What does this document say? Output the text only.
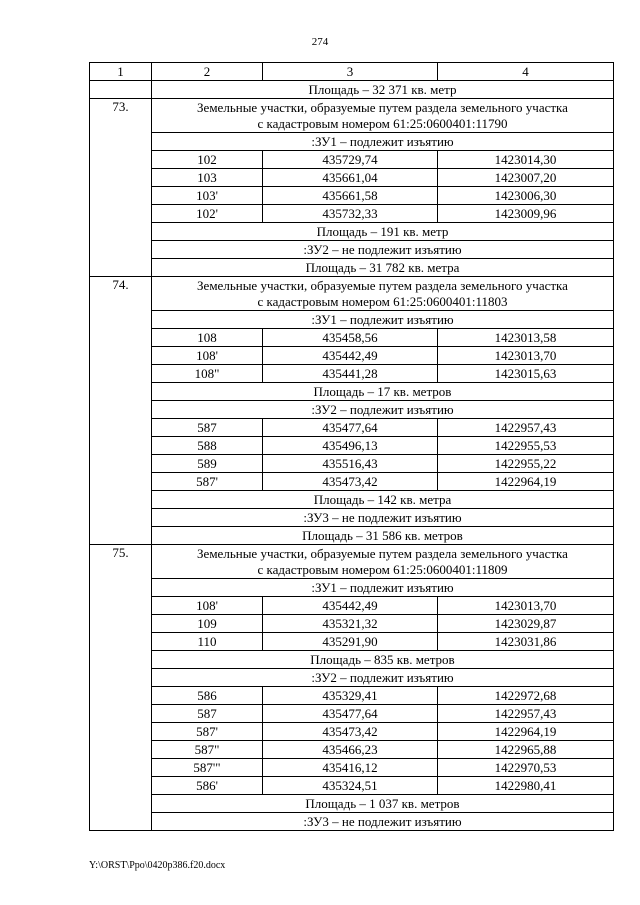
274
1	2	3	4
	Площадь – 32 371 кв. метр		
73.	Земельные участки, образуемые путем раздела земельного участка
с кадастровым номером 61:25:0600401:11790		

	:ЗУ1 – подлежит изъятию		
	102	435729,74	1423014,30
	103	435661,04	1423007,20
	103'	435661,58	1423006,30
	102'	435732,33	1423009,96
	Площадь – 191 кв. метр		
	:ЗУ2 – не подлежит изъятию		
	Площадь – 31 782 кв. метра		
74.	Земельные участки, образуемые путем раздела земельного участка
с кадастровым номером 61:25:0600401:11803		

	:ЗУ1 – подлежит изъятию		
	108	435458,56	1423013,58
	108'	435442,49	1423013,70
	108"	435441,28	1423015,63
	Площадь – 17 кв. метров		
	:ЗУ2 – подлежит изъятию		
	587	435477,64	1422957,43
	588	435496,13	1422955,53
	589	435516,43	1422955,22
	587'	435473,42	1422964,19
	Площадь – 142 кв. метра		
	:ЗУ3 – не подлежит изъятию		
	Площадь – 31 586 кв. метров		
75.	Земельные участки, образуемые путем раздела земельного участка
с кадастровым номером 61:25:0600401:11809		

	:ЗУ1 – подлежит изъятию		
	108'	435442,49	1423013,70
	109	435321,32	1423029,87
	110	435291,90	1423031,86
	Площадь – 835 кв. метров		
	:ЗУ2 – подлежит изъятию		
	586	435329,41	1422972,68
	587	435477,64	1422957,43
	587'	435473,42	1422964,19
	587"	435466,23	1422965,88
	587'"	435416,12	1422970,53
	586'	435324,51	1422980,41
	Площадь – 1 037 кв. метров		
	:ЗУ3 – не подлежит изъятию		
Y:\ORST\Ppo\0420p386.f20.docx
